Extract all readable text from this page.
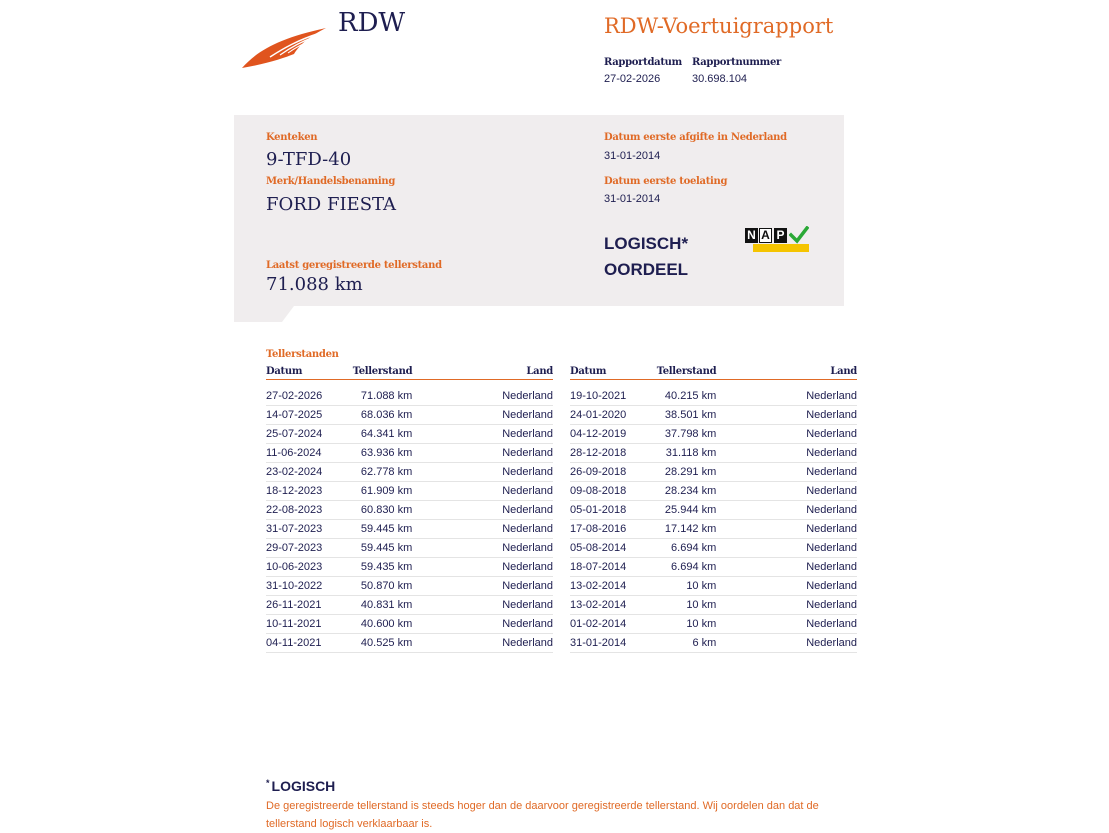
RDW	RDW-Voertuigrapport
Rapportdatum
27-02-2026
Rapportnummer
30.698.104
Kenteken
9-TFD-40
Merk/Handelsbenaming
FORD FIESTA
Laatst geregistreerde tellerstand
71.088 km
Datum eerste afgifte in Nederland
31-01-2014
Datum eerste toelating
31-01-2014
LOGISCH*
OORDEEL
N A P
Tellerstanden
Datum	Tellerstand	Land

27-02-2026	71.088 km	Nederland
14-07-2025	68.036 km	Nederland
25-07-2024	64.341 km	Nederland
11-06-2024	63.936 km	Nederland
23-02-2024	62.778 km	Nederland
18-12-2023	61.909 km	Nederland
22-08-2023	60.830 km	Nederland
31-07-2023	59.445 km	Nederland
29-07-2023	59.445 km	Nederland
10-06-2023	59.435 km	Nederland
31-10-2022	50.870 km	Nederland
26-11-2021	40.831 km	Nederland
10-11-2021	40.600 km	Nederland
04-11-2021	40.525 km	Nederland
Datum	Tellerstand	Land

19-10-2021	40.215 km	Nederland
24-01-2020	38.501 km	Nederland
04-12-2019	37.798 km	Nederland
28-12-2018	31.118 km	Nederland
26-09-2018	28.291 km	Nederland
09-08-2018	28.234 km	Nederland
05-01-2018	25.944 km	Nederland
17-08-2016	17.142 km	Nederland
05-08-2014	6.694 km	Nederland
18-07-2014	6.694 km	Nederland
13-02-2014	10 km	Nederland
13-02-2014	10 km	Nederland
01-02-2014	10 km	Nederland
31-01-2014	6 km	Nederland
* LOGISCH
De geregistreerde tellerstand is steeds hoger dan de daarvoor geregistreerde tellerstand. Wij oordelen dan dat de tellerstand logisch verklaarbaar is.
